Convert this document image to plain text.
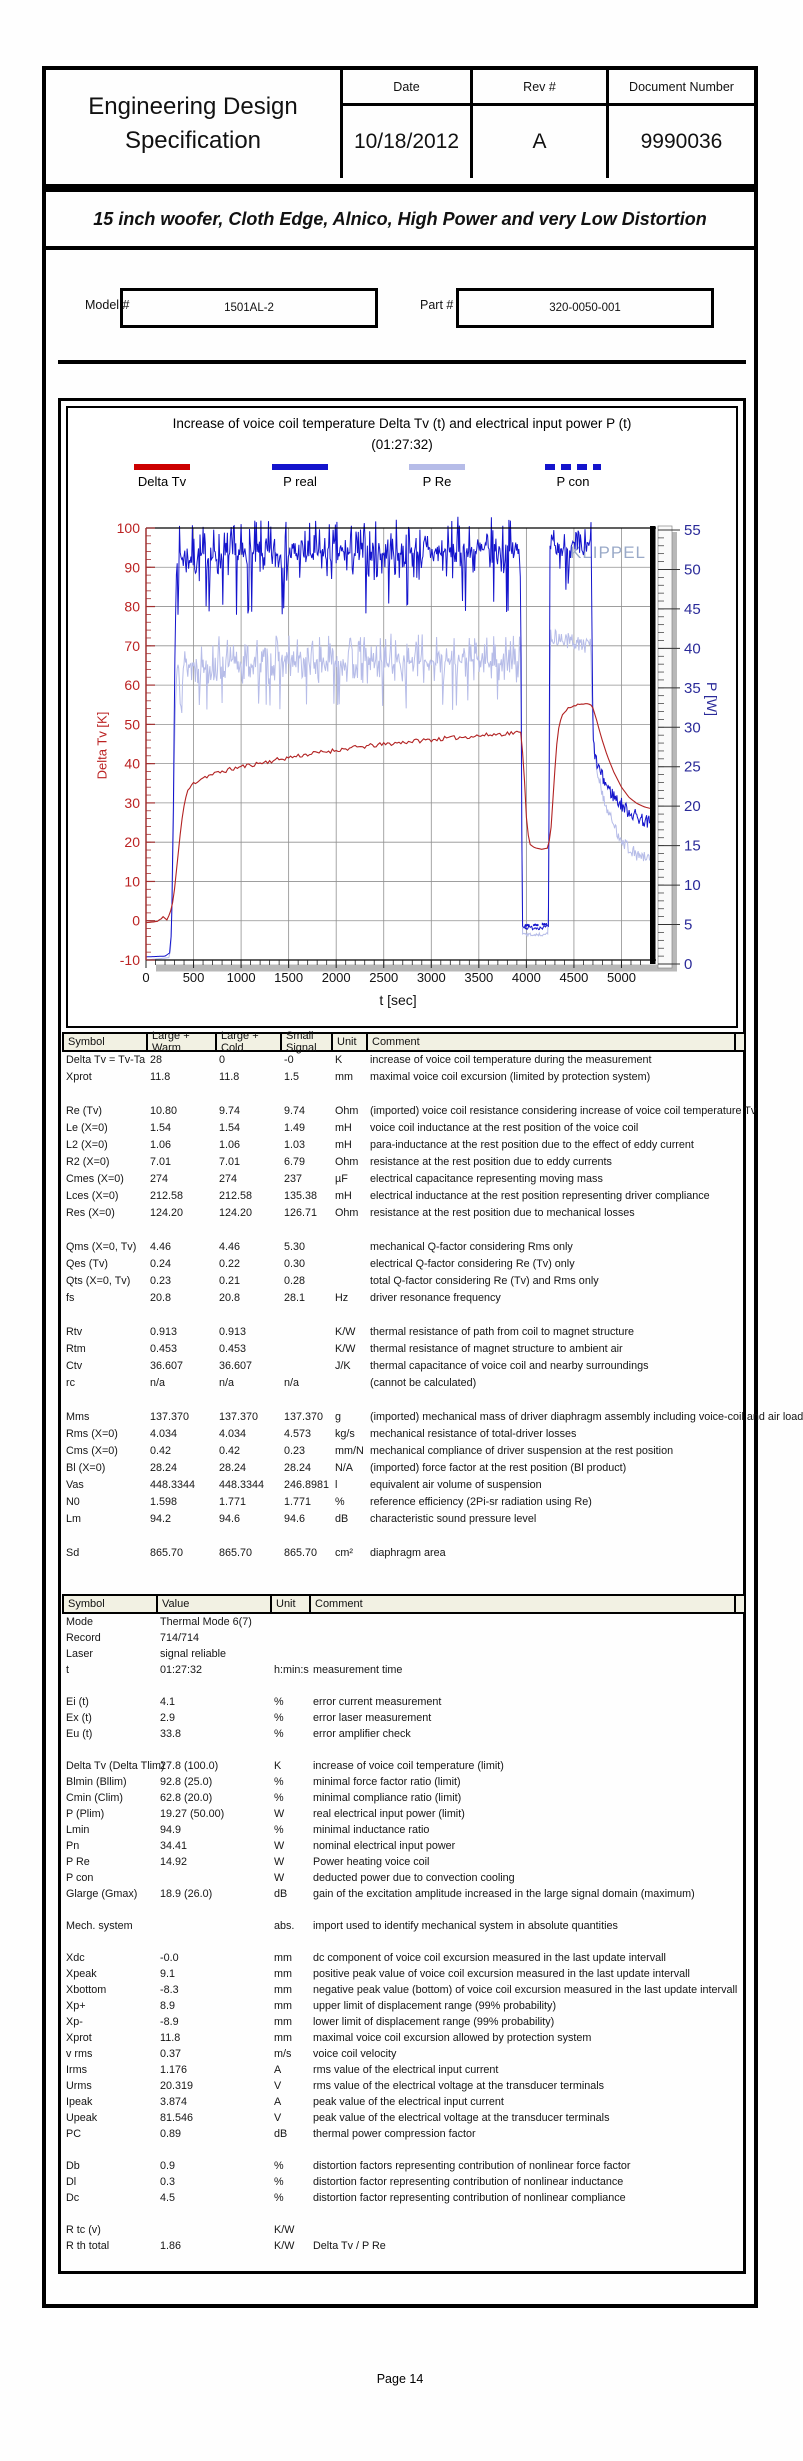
Engineering Design
Specification
Date	Rev #	Document Number
10/18/2012	A	9990036
15 inch woofer, Cloth Edge, Alnico, High Power and very Low Distortion
Model #	1501AL-2	Part #	320-0050-001
Increase of voice coil temperature Delta Tv (t) and electrical input power P (t)
(01:27:32)
Delta Tv	P real	P Re	P con
KLIPPEL
-10
0
10
20
30
40
50
60
70
80
90
100
0	500 1000 1500 2000 2500 3000 3500 4000 4500 5000
t [sec]
0
5
10
15
20
25
30
35
40
45
50
55
Delta Tv [K]
P [W]
Symbol	Large + Warm
Large + Cold
Small Signal	Unit	Comment
Delta Tv = Tv-Ta 28	0	-0	K	increase of voice coil temperature during the measurement
Xprot	11.8	11.8	1.5	mm	maximal voice coil excursion (limited by protection system)
Re (Tv)	10.80	9.74	9.74	Ohm	(imported) voice coil resistance considering increase of voice coil temperature Tv
Le (X=0)	1.54	1.54	1.49	mH	voice coil inductance at the rest position of the voice coil
L2 (X=0)	1.06	1.06	1.03	mH	para-inductance at the rest position due to the effect of eddy current
R2 (X=0)	7.01	7.01	6.79	Ohm	resistance at the rest position due to eddy currents
Cmes (X=0)	274	274	237	µF	electrical capacitance representing moving mass
Lces (X=0)	212.58	212.58	135.38	mH	electrical inductance at the rest position representing driver compliance
Res (X=0)	124.20	124.20	126.71	Ohm	resistance at the rest position due to mechanical losses
Qms (X=0, Tv)	4.46	4.46	5.30	mechanical Q-factor considering Rms only
Qes (Tv)	0.24	0.22	0.30	electrical Q-factor considering Re (Tv) only
Qts (X=0, Tv)	0.23	0.21	0.28	total Q-factor considering Re (Tv) and Rms only
fs	20.8	20.8	28.1	Hz	driver resonance frequency
Rtv	0.913	0.913	K/W	thermal resistance of path from coil to magnet structure
Rtm	0.453	0.453	K/W	thermal resistance of magnet structure to ambient air
Ctv	36.607	36.607	J/K	thermal capacitance of voice coil and nearby surroundings
rc	n/a	n/a	n/a	(cannot be calculated)
Mms	137.370	137.370	137.370	g	(imported) mechanical mass of driver diaphragm assembly including voice-coil and air load
Rms (X=0)	4.034	4.034	4.573	kg/s	mechanical resistance of total-driver losses
Cms (X=0)	0.42	0.42	0.23	mm/N mechanical compliance of driver suspension at the rest position
Bl (X=0)	28.24	28.24	28.24	N/A	(imported) force factor at the rest position (Bl product)
Vas	448.3344	448.3344	246.8981 l	equivalent air volume of suspension
N0	1.598	1.771	1.771	%	reference efficiency (2Pi-sr radiation using Re)
Lm	94.2	94.6	94.6	dB	characteristic sound pressure level
Sd	865.70	865.70	865.70	cm²	diaphragm area
Symbol	Value	Unit	Comment
Mode	Thermal Mode 6(7)
Record	714/714
Laser	signal reliable
t	01:27:32	h:min:s measurement time
Ei (t)	4.1	%	error current measurement
Ex (t)	2.9	%	error laser measurement
Eu (t)	33.8	%	error amplifier check
Delta Tv (Delta Tlim)
27.8 (100.0)	K	increase of voice coil temperature (limit)
Blmin (Bllim)	92.8 (25.0)	%	minimal force factor ratio (limit)
Cmin (Clim)	62.8 (20.0)	%	minimal compliance ratio (limit)
P (Plim)	19.27 (50.00)	W	real electrical input power (limit)
Lmin	94.9	%	minimal inductance ratio
Pn	34.41	W	nominal electrical input power
P Re	14.92	W	Power heating voice coil
P con	W	deducted power due to convection cooling
Glarge (Gmax)	18.9 (26.0)	dB	gain of the excitation amplitude increased in the large signal domain (maximum)
Mech. system	abs.	import used to identify mechanical system in absolute quantities
Xdc	-0.0	mm	dc component of voice coil excursion measured in the last update intervall
Xpeak	9.1	mm	positive peak value of voice coil excursion measured in the last update intervall
Xbottom	-8.3	mm	negative peak value (bottom) of voice coil excursion measured in the last update intervall
Xp+	8.9	mm	upper limit of displacement range (99% probability)
Xp-	-8.9	mm	lower limit of displacement range (99% probability)
Xprot	11.8	mm	maximal voice coil excursion allowed by protection system
v rms	0.37	m/s	voice coil velocity
Irms	1.176	A	rms value of the electrical input current
Urms	20.319	V	rms value of the electrical voltage at the transducer terminals
Ipeak	3.874	A	peak value of the electrical input current
Upeak	81.546	V	peak value of the electrical voltage at the transducer terminals
PC	0.89	dB	thermal power compression factor
Db	0.9	%	distortion factors representing contribution of nonlinear force factor
Dl	0.3	%	distortion factor representing contribution of nonlinear inductance
Dc	4.5	%	distortion factor representing contribution of nonlinear compliance
R tc (v)	K/W
R th total	1.86	K/W	Delta Tv / P Re
Page 14
